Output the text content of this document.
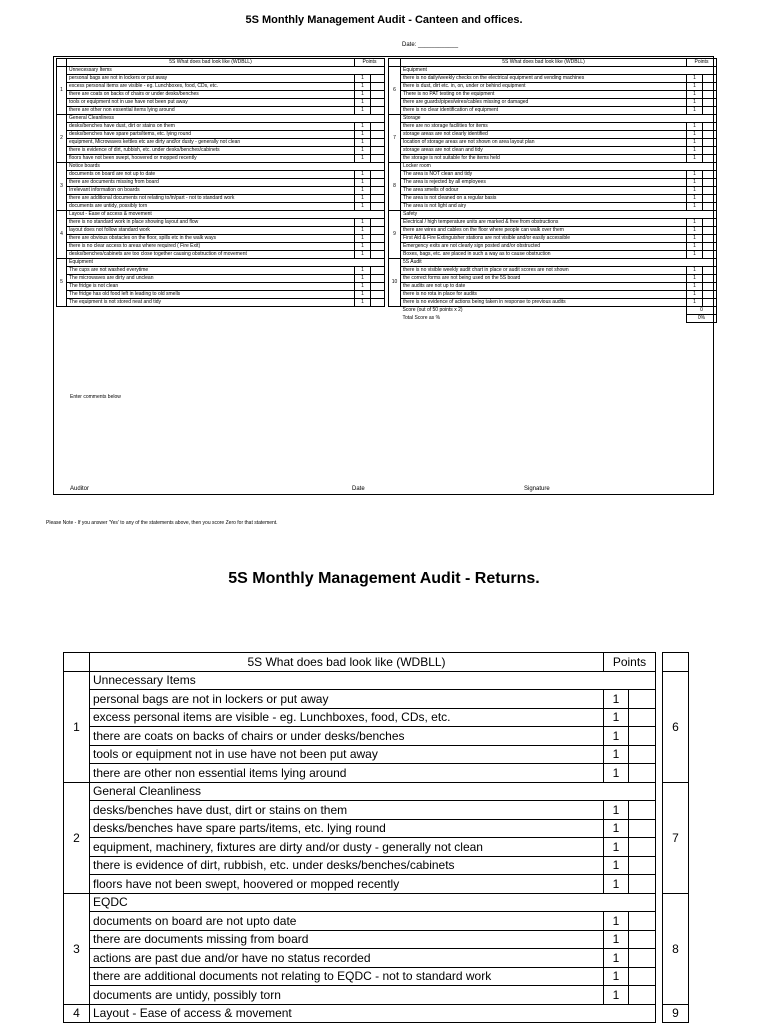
5S Monthly Management Audit - Canteen and offices.
Date: ____________
	5S What does bad look like (WDBLL)	Points	
1	Unnecessary Items		
	personal bags are not in lockers or put away	1	
	excess personal items are visible - eg. Lunchboxes, food, CDs, etc.	1	
	there are coats on backs of chairs or under desks/benches	1	
	tools or equipment not in use have not been put away	1	
	there are other non essential items lying around	1	
2	General Cleanliness		
	desks/benches have dust, dirt or stains on them	1	
	desks/benches have spare parts/items, etc. lying round	1	
	equipment, Microwaves kettles etc are dirty and/or dusty - generally not clean	1	
	there is evidence of dirt, rubbish, etc. under desks/benches/cabinets	1	
	floors have not been swept, hoovered or mopped recently	1	
3	Notice boards		
	documents on board are not up to date	1	
	there are documents missing from board	1	
	Irrelevant information on boards	1	
	there are additional documents not relating to/in/part - not to standard work	1	
	documents are untidy, possibly torn	1	
4	Layout - Ease of access & movement		
	there is no standard work in place showing layout and flow	1	
	layout does not follow standard work	1	
	there are obvious obstacles on the floor, spills etc in the walk ways	1	
	there is no clear access to areas where required ( Fire Exit)	1	
	desks/benches/cabinets are too close together causing obstruction of movement	1	
5	Equipment		
	The cups are not washed everytime	1	
	The microwaves are dirty and unclean	1	
	The fridge is not clean	1	
	The fridge has old food left in leading to old smells	1	
	The equipment is not stored neat and tidy	1	
	5S What does bad look like (WDBLL)	Points	
6	Equipment		
	there is no daily/weekly checks on the electrical equipment and vending machines	1	
	there is dust, dirt etc. in, on, under or behind equipment	1	
	There is no PAT testing on the equipment	1	
	there are guards/pipes/wires/cables missing or damaged	1	
	there is no clear identification of equipment	1	
7	Storage		
	there are no storage facilities for items	1	
	storage areas are not clearly identified	1	
	location of storage areas are not shown on area layout plan	1	
	storage areas are not clean and tidy	1	
	the storage is not suitable for the items held	1	
8	Locker room		
	The area is NOT clean and tidy	1	
	The area is rejected by all employees	1	
	The area smells of odour	1	
	The area is not cleaned on a regular basis	1	
	The area is not light and airy	1	
9	Safety		
	Electrical / high temperature units are marked & free from obstructions	1	
	there are wires and cables on the floor where people can walk over them	1	
	First Aid & Fire Extinguisher stations are not visible and/or easily accessible	1	
	Emergency exits are not clearly sign posted and/or obstructed	1	
	Boxes, bags, etc. are placed in such a way as to cause obstruction	1	
10	5S Audit		
	there is no visible weekly audit chart in place or audit scores are not shown	1	
	the correct forms are not being used on the 5S board	1	
	the audits are not up to date	1	
	there is no rota in place for audits	1	
	there is no evidence of actions being taken in response to previous audits	1	
	Score (out of 50 points x 2)	0	
	Total Score as %	0%	
Enter comments below
Auditor	Date	Signature
Please Note - If you answer 'Yes' to any of the statements above, then you score Zero for that statement.
5S Monthly Management Audit - Returns.
	5S What does bad look like (WDBLL)	Points			
1	Unnecessary Items				6
	personal bags are not in lockers or put away	1			
	excess personal items are visible - eg. Lunchboxes, food, CDs, etc.	1			
	there are coats on backs of chairs or under desks/benches	1			
	tools or equipment not in use have not been put away	1			
	there are other non essential items lying around	1			
2	General Cleanliness				7
	desks/benches have dust, dirt or stains on them	1			
	desks/benches have spare parts/items, etc. lying round	1			
	equipment, machinery, fixtures are dirty and/or dusty - generally not clean	1			
	there is evidence of dirt, rubbish, etc. under desks/benches/cabinets	1			
	floors have not been swept, hoovered or mopped recently	1			
3	EQDC				8
	documents on board are not upto date	1			
	there are documents missing from board	1			
	actions are past due and/or have no status recorded	1			
	there are additional documents not relating to EQDC - not to standard work	1			
	documents are untidy, possibly torn	1			
4	Layout - Ease of access & movement				9
